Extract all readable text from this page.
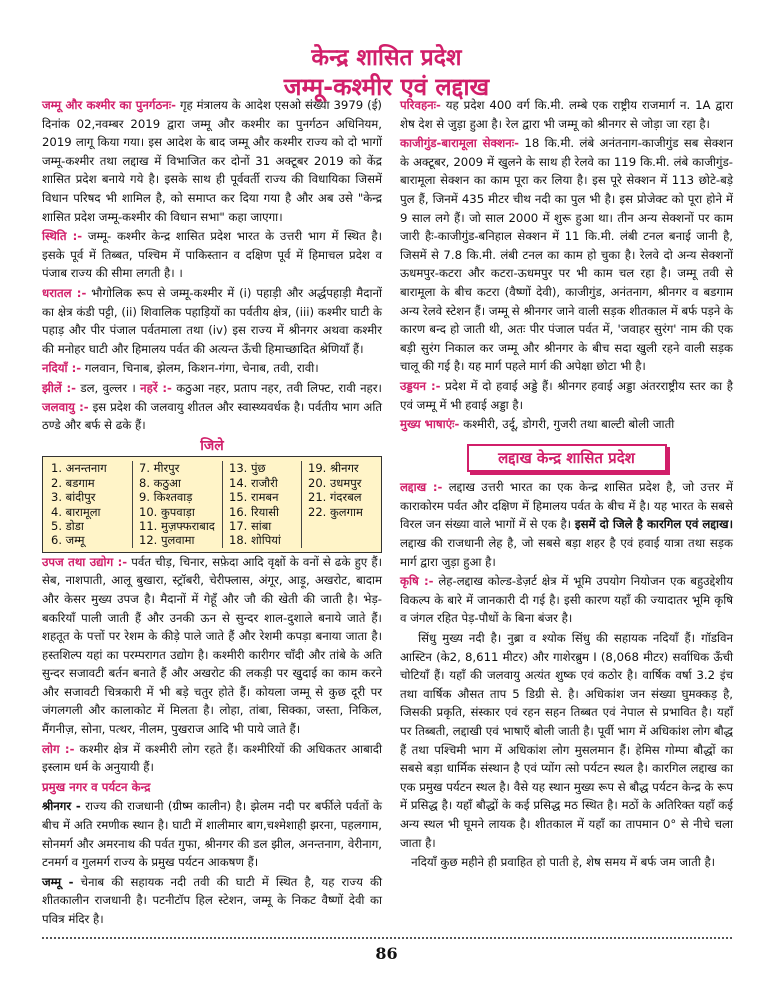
केन्द्र शासित प्रदेश
जम्मू-कश्मीर एवं लद्दाख

जम्मू और कश्मीर का पुनर्गठनः- गृह मंत्रालय के आदेश एसओ संख्या 3979 (ई) दिनांक 02,नवम्बर 2019 द्वारा जम्मू और कश्मीर का पुनर्गठन अधिनियम, 2019 लागू किया गया। इस आदेश के बाद जम्मू और कश्मीर राज्य को दो भागों जम्मू-कश्मीर तथा लद्दाख में विभाजित कर दोनों 31 अक्टूबर 2019 को केंद्र शासित प्रदेश बनाये गये है। इसके साथ ही पूर्ववर्ती राज्य की विधायिका जिसमें विधान परिषद भी शामिल है, को समाप्त कर दिया गया है और अब उसे "केन्द्र शासित प्रदेश जम्मू-कश्मीर की विधान सभा" कहा जाएगा।

स्थिति :- जम्मू- कश्मीर केन्द्र शासित प्रदेश भारत के उत्तरी भाग में स्थित है। इसके पूर्व में तिब्बत, पश्चिम में पाकिस्तान व दक्षिण पूर्व में हिमाचल प्रदेश व पंजाब राज्य की सीमा लगती है। ।

धरातल :- भौगोलिक रूप से जम्मू-कश्मीर में (i) पहाड़ी और अर्द्धपहाड़ी मैदानों का क्षेत्र कंडी पट्टी, (ii) शिवालिक पहाड़ियों का पर्वतीय क्षेत्र, (iii) कश्मीर घाटी के पहाड़ और पीर पंजाल पर्वतमाला तथा (iv) इस राज्य में श्रीनगर अथवा कश्मीर की मनोहर घाटी और हिमालय पर्वत की अत्यन्त ऊँची हिमाच्छादित श्रेणियाँ हैं।

नदियाँ :- गलवान, चिनाब, झेलम, किशन-गंगा, चेनाब, तवी, रावी।

झीलें :- डल, वुल्लर । नहरें :- कठुआ नहर, प्रताप नहर, तवी लिफ्ट, रावी नहर। जलवायु :- इस प्रदेश की जलवायु शीतल और स्वास्थ्यवर्धक है। पर्वतीय भाग अति ठण्डे और बर्फ से ढके हैं।

जिले
1. अनन्तनाग
2. बडगाम
3. बांदीपुर
4. बारामूला
5. डोडा
6. जम्मू
7. मीरपुर
8. कठुआ
9. किश्तवाड़
10. कुपवाड़ा
11. मुज़फ्फराबाद
12. पुलवामा
13. पुंछ
14. राजौरी
15. रामबन
16. रियासी
17. सांबा
18. शोपियां
19. श्रीनगर
20. उधमपुर
21. गंदरबल
22. कुलगाम

उपज तथा उद्योग :- पर्वत चीड़, चिनार, सफ़ेदा आदि वृक्षों के वनों से ढके हुए हैं। सेब, नाशपाती, आलू बुखारा, स्ट्रॉबरी, चेरीफ्लास, अंगूर, आड़ू, अखरोट, बादाम और केसर मुख्य उपज है। मैदानों में गेहूँ और जौ की खेती की जाती है। भेड़-बकरियाँ पाली जाती हैं और उनकी ऊन से सुन्दर शाल-दुशाले बनाये जाते हैं। शहतूत के पत्तों पर रेशम के कीड़े पाले जाते हैं और रेशमी कपड़ा बनाया जाता है। हस्तशिल्प यहां का परम्परागत उद्योग है। कश्मीरी कारीगर चाँदी और तांबे के अति सुन्दर सजावटी बर्तन बनाते हैं और अखरोट की लकड़ी पर खुदाई का काम करने और सजावटी चित्रकारी में भी बड़े चतुर होते हैं। कोयला जम्मू से कुछ दूरी पर जंगलगली और कालाकोट में मिलता है। लोहा, तांबा, सिक्का, जस्ता, निकिल, मैंगनीज़, सोना, पत्थर, नीलम, पुखराज आदि भी पाये जाते हैं।

लोग :- कश्मीर क्षेत्र में कश्मीरी लोग रहते हैं। कश्मीरियों की अधिकतर आबादी इस्लाम धर्म के अनुयायी हैं।

प्रमुख नगर व पर्यटन केन्द्र

श्रीनगर - राज्य की राजधानी (ग्रीष्म कालीन) है। झेलम नदी पर बर्फीले पर्वतों के बीच में अति रमणीक स्थान है। घाटी में शालीमार बाग,चश्मेशाही झरना, पहलगाम, सोनमर्ग और अमरनाथ की पर्वत गुफा, श्रीनगर की डल झील, अनन्तनाग, वेरीनाग, टनमर्ग व गुलमर्ग राज्य के प्रमुख पर्यटन आकषण हैं।

जम्मू - चेनाब की सहायक नदी तवी की घाटी में स्थित है, यह राज्य की शीतकालीन राजधानी है। पटनीटॉप हिल स्टेशन, जम्मू के निकट वैष्णों देवी का पवित्र मंदिर है।

परिवहनः- यह प्रदेश 400 वर्ग कि.मी. लम्बे एक राष्ट्रीय राजमार्ग न. 1A द्वारा शेष देश से जुड़ा हुआ है। रेल द्वारा भी जम्मू को श्रीनगर से जोड़ा जा रहा है।

काजीगुंड-बारामूला सेक्शनः- 18 कि.मी. लंबे अनंतनाग-काजीगुंड सब सेक्शन के अक्टूबर, 2009 में खुलने के साथ ही रेलवे का 119 कि.मी. लंबे काजीगुंड-बारामूला सेक्शन का काम पूरा कर लिया है। इस पूरे सेक्शन में 113 छोटे-बड़े पुल हैं, जिनमें 435 मीटर चीथ नदी का पुल भी है। इस प्रोजेक्ट को पूरा होने में 9 साल लगे हैं। जो साल 2000 में शुरू हुआ था। तीन अन्य सेक्शनों पर काम जारी हैः-काजीगुंड-बनिहाल सेक्शन में 11 कि.मी. लंबी टनल बनाई जानी है, जिसमें से 7.8 कि.मी. लंबी टनल का काम हो चुका है। रेलवे दो अन्य सेक्शनों ऊधमपुर-कटरा और कटरा-ऊधमपुर पर भी काम चल रहा है। जम्मू तवी से बारामूला के बीच कटरा (वैष्णों देवी), काजीगुंड, अनंतनाग, श्रीनगर व बडगाम अन्य रेलवे स्टेशन हैं। जम्मू से श्रीनगर जाने वाली सड़क शीतकाल में बर्फ पड़ने के कारण बन्द हो जाती थी, अतः पीर पंजाल पर्वत में, 'जवाहर सुरंग' नाम की एक बड़ी सुरंग निकाल कर जम्मू और श्रीनगर के बीच सदा खुली रहने वाली सड़क चालू की गई है। यह मार्ग पहले मार्ग की अपेक्षा छोटा भी है।

उड्डयन :- प्रदेश में दो हवाई अड्डे हैं। श्रीनगर हवाई अड्डा अंतरराष्ट्रीय स्तर का है एवं जम्मू में भी हवाई अड्डा है।

मुख्य भाषाएंः- कश्मीरी, उर्दू, डोगरी, गुजरी तथा बाल्टी बोली जाती

लद्दाख केन्द्र शासित प्रदेश

लद्दाख :- लद्दाख उत्तरी भारत का एक केन्द्र शासित प्रदेश है, जो उत्तर में काराकोरम पर्वत और दक्षिण में हिमालय पर्वत के बीच में है। यह भारत के सबसे विरल जन संख्या वाले भागों में से एक है। इसमें दो जिले है कारगिल एवं लद्दाख। लद्दाख की राजधानी लेह है, जो सबसे बड़ा शहर है एवं हवाई यात्रा तथा सड़क मार्ग द्वारा जुड़ा हुआ है।

कृषि :- लेह-लद्दाख कोल्ड-डेज़र्ट क्षेत्र में भूमि उपयोग नियोजन एक बहुउद्देशीय विकल्प के बारे में जानकारी दी गई है। इसी कारण यहाँ की ज्यादातर भूमि कृषि व जंगल रहित पेड़-पौधों के बिना बंजर है।

सिंधु मुख्य नदी है। नुब्रा व श्योक सिंधु की सहायक नदियाँ हैं। गॉडविन आस्टिन (के2, 8,611 मीटर) और गाशेरब्रुम I (8,068 मीटर) सर्वाधिक ऊँची चोटियाँ हैं। यहाँ की जलवायु अत्यंत शुष्क एवं कठोर है। वार्षिक वर्षा 3.2 इंच तथा वार्षिक औसत ताप 5 डिग्री से. है। अधिकांश जन संख्या घुमक्कड़ है, जिसकी प्रकृति, संस्कार एवं रहन सहन तिब्बत एवं नेपाल से प्रभावित है। यहाँ पर तिब्बती, लद्दाखी एवं भाषाएँ बोली जाती है। पूर्वी भाग में अधिकांश लोग बौद्ध हैं तथा पश्चिमी भाग में अधिकांश लोग मुसलमान हैं। हेमिस गोम्पा बौद्धों का सबसे बड़ा धार्मिक संस्थान है एवं प्योंग त्सो पर्यटन स्थल है। कारगिल लद्दाख का एक प्रमुख पर्यटन स्थल है। वैसे यह स्थान मुख्य रूप से बौद्ध पर्यटन केन्द्र के रूप में प्रसिद्ध है। यहाँ बौद्धों के कई प्रसिद्ध मठ स्थित है। मठों के अतिरिक्त यहाँ कई अन्य स्थल भी घूमने लायक है। शीतकाल में यहाँ का तापमान 0° से नीचे चला जाता है।

नदियाँ कुछ महीने ही प्रवाहित हो पाती हे, शेष समय में बर्फ जम जाती है।

86
